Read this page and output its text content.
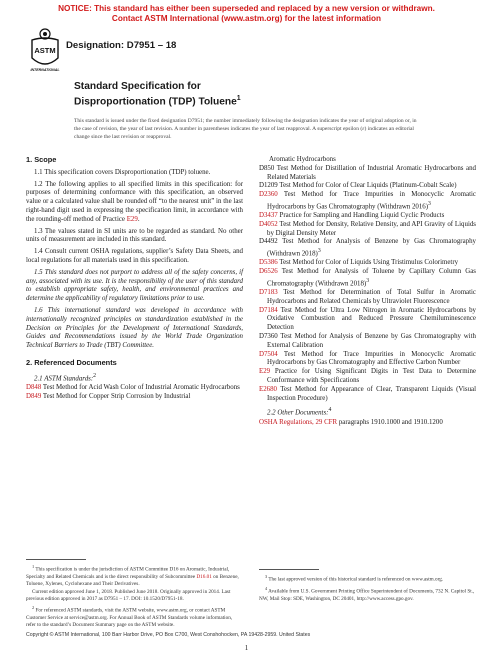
NOTICE: This standard has either been superseded and replaced by a new version or withdrawn.
Contact ASTM International (www.astm.org) for the latest information
ASTM
INTERNATIONAL
Designation: D7951 – 18
Standard Specification for
Disproportionation (TDP) Toluene$^1$
This standard is issued under the fixed designation D7951; the number immediately following the designation indicates the year of original adoption or, in the case of revision, the year of last revision. A number in parentheses indicates the year of last reapproval. A superscript epsilon (ε) indicates an editorial change since the last revision or reapproval.
1. Scope

1.1 This specification covers Disproportionation (TDP) toluene.

1.2 The following applies to all specified limits in this specification: for purposes of determining conformance with this specification, an observed value or a calculated value shall be rounded off “to the nearest unit” in the last right-hand digit used in expressing the specification limit, in accordance with the rounding-off method of Practice E29.

1.3 The values stated in SI units are to be regarded as standard. No other units of measurement are included in this standard.

1.4 Consult current OSHA regulations, supplier’s Safety Data Sheets, and local regulations for all materials used in this specification.

1.5 This standard does not purport to address all of the safety concerns, if any, associated with its use. It is the responsibility of the user of this standard to establish appropriate safety, health, and environmental practices and determine the applicability of regulatory limitations prior to use.

1.6 This international standard was developed in accordance with internationally recognized principles on standardization established in the Decision on Principles for the Development of International Standards, Guides and Recommendations issued by the World Trade Organization Technical Barriers to Trade (TBT) Committee.

2. Referenced Documents

2.1 ASTM Standards:$^2$

D848 Test Method for Acid Wash Color of Industrial Aromatic Hydrocarbons

D849 Test Method for Copper Strip Corrosion by Industrial

Aromatic Hydrocarbons

D850 Test Method for Distillation of Industrial Aromatic Hydrocarbons and Related Materials

D1209 Test Method for Color of Clear Liquids (Platinum-Cobalt Scale)

D2360 Test Method for Trace Impurities in Monocyclic Aromatic Hydrocarbons by Gas Chromatography (Withdrawn 2016)$^3$

D3437 Practice for Sampling and Handling Liquid Cyclic Products

D4052 Test Method for Density, Relative Density, and API Gravity of Liquids by Digital Density Meter

D4492 Test Method for Analysis of Benzene by Gas Chromatography (Withdrawn 2018)$^3$

D5386 Test Method for Color of Liquids Using Tristimulus Colorimetry

D6526 Test Method for Analysis of Toluene by Capillary Column Gas Chromatography (Withdrawn 2018)$^3$

D7183 Test Method for Determination of Total Sulfur in Aromatic Hydrocarbons and Related Chemicals by Ultraviolet Fluorescence

D7184 Test Method for Ultra Low Nitrogen in Aromatic Hydrocarbons by Oxidative Combustion and Reduced Pressure Chemiluminescence Detection

D7360 Test Method for Analysis of Benzene by Gas Chromatography with External Calibration

D7504 Test Method for Trace Impurities in Monocyclic Aromatic Hydrocarbons by Gas Chromatography and Effective Carbon Number

E29 Practice for Using Significant Digits in Test Data to Determine Conformance with Specifications

E2680 Test Method for Appearance of Clear, Transparent Liquids (Visual Inspection Procedure)

2.2 Other Documents:$^4$

OSHA Regulations, 29 CFR paragraphs 1910.1000 and 1910.1200

$^1$ This specification is under the jurisdiction of ASTM Committee D16 on Aromatic, Industrial, Specialty and Related Chemicals and is the direct responsibility of Subcommittee D16.01 on Benzene, Toluene, Xylenes, Cyclohexane and Their Derivatives.

Current edition approved June 1, 2018. Published June 2018. Originally approved in 2014. Last previous edition approved in 2017 as D7951 – 17. DOI: 10.1520/D7951-18.

$^2$ For referenced ASTM standards, visit the ASTM website, www.astm.org, or contact ASTM Customer Service at service@astm.org. For Annual Book of ASTM Standards volume information, refer to the standard’s Document Summary page on the ASTM website.

$^3$ The last approved version of this historical standard is referenced on www.astm.org.

$^4$ Available from U.S. Government Printing Office Superintendent of Documents, 732 N. Capitol St., NW, Mail Stop: SDE, Washington, DC 20401, http://www.access.gpo.gov.

Copyright © ASTM International, 100 Barr Harbor Drive, PO Box C700, West Conshohocken, PA 19428-2959. United States
1
